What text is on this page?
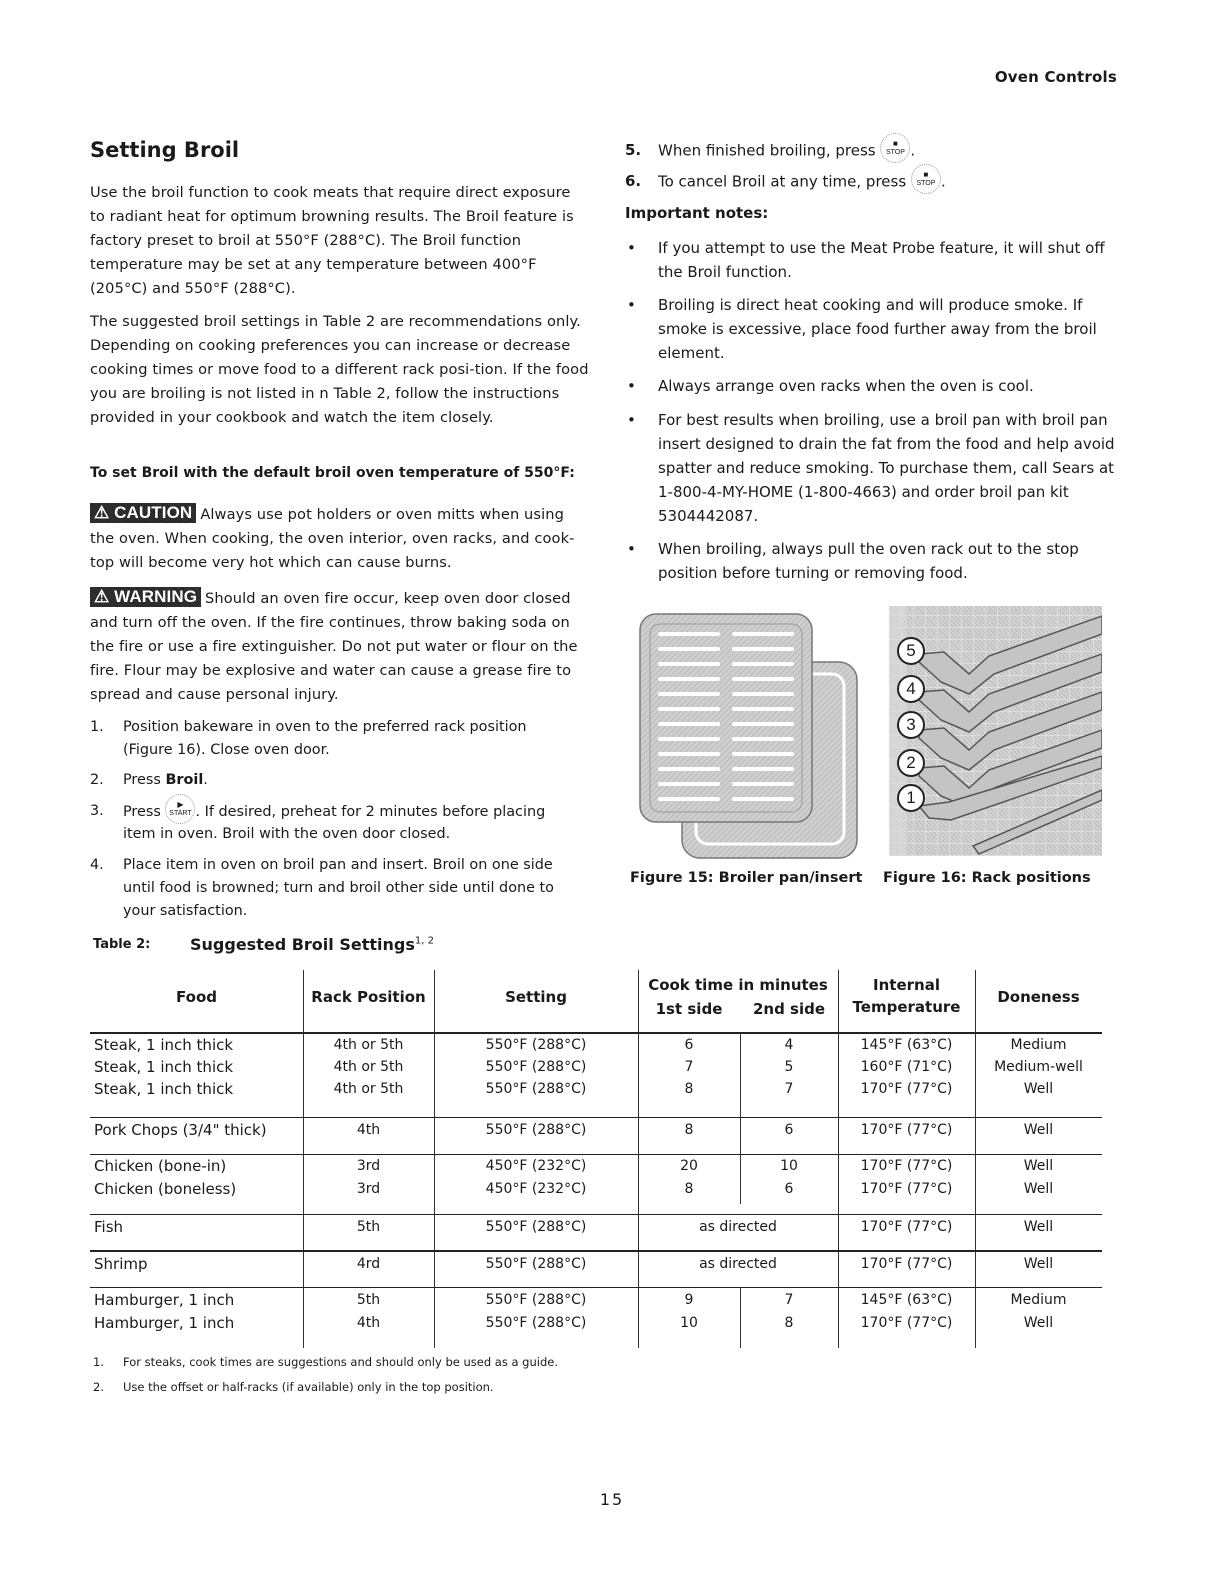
Oven Controls
Setting Broil
Use the broil function to cook meats that require direct exposure to radiant heat for optimum browning results. The Broil feature is factory preset to broil at 550°F (288°C). The Broil function temperature may be set at any temperature between 400°F (205°C) and 550°F (288°C).
The suggested broil settings in Table 2 are recommendations only. Depending on cooking preferences you can increase or decrease cooking times or move food to a different rack posi-tion. If the food you are broiling is not listed in n Table 2, follow the instructions provided in your cookbook and watch the item closely.
To set Broil with the default broil oven temperature of 550°F:
⚠ CAUTION Always use pot holders or oven mitts when using the oven. When cooking, the oven interior, oven racks, and cook-top will become very hot which can cause burns.
⚠ WARNING Should an oven fire occur, keep oven door closed and turn off the oven. If the fire continues, throw baking soda on the fire or use a fire extinguisher. Do not put water or flour on the fire. Flour may be explosive and water can cause a grease fire to spread and cause personal injury.
1. Position bakeware in oven to the preferred rack position
(Figure 16). Close oven door.
2. Press Broil.
3. Press	▶
START . If desired, preheat for 2 minutes before placing
item in oven. Broil with the oven door closed.
4. Place item in oven on broil pan and insert. Broil on one side
until food is browned; turn and broil other side until done to
your satisfaction.
5. When finished broiling, press	■
STOP .
6. To cancel Broil at any time, press	■
STOP .
Important notes:
• If you attempt to use the Meat Probe feature, it will shut off the Broil function.
• Broiling is direct heat cooking and will produce smoke. If smoke is excessive, place food further away from the broil element.
• Always arrange oven racks when the oven is cool.
• For best results when broiling, use a broil pan with broil pan insert designed to drain the fat from the food and help avoid spatter and reduce smoking. To purchase them, call Sears at 1-800-4-MY-HOME (1-800-4663) and order broil pan kit 5304442087.
• When broiling, always pull the oven rack out to the stop position before turning or removing food.
Figure 15: Broiler pan/insert
5
4
3
2
1
Figure 16: Rack positions
Table 2: Suggested Broil Settings$^{1, 2}$
Food	Rack Position	Setting
Cook time in minutes
1st side	2nd side
Internal
Temperature
Doneness
Steak, 1 inch thick	4th or 5th	550°F (288°C)	6	4	145°F (63°C)	Medium
Steak, 1 inch thick	4th or 5th	550°F (288°C)	7	5	160°F (71°C)	Medium-well
Steak, 1 inch thick	4th or 5th	550°F (288°C)	8	7	170°F (77°C)	Well
Pork Chops (3/4" thick)	4th	550°F (288°C)	8	6	170°F (77°C)	Well
Chicken (bone-in)	3rd	450°F (232°C)	20	10	170°F (77°C)	Well
Chicken (boneless)	3rd	450°F (232°C)	8	6	170°F (77°C)	Well
Fish	5th	550°F (288°C)	as directed	170°F (77°C)	Well
Shrimp	4rd	550°F (288°C)	as directed	170°F (77°C)	Well
Hamburger, 1 inch	5th	550°F (288°C)	9	7	145°F (63°C)	Medium
Hamburger, 1 inch	4th	550°F (288°C)	10	8	170°F (77°C)	Well
1. For steaks, cook times are suggestions and should only be used as a guide.
2. Use the offset or half-racks (if available) only in the top position.
15
